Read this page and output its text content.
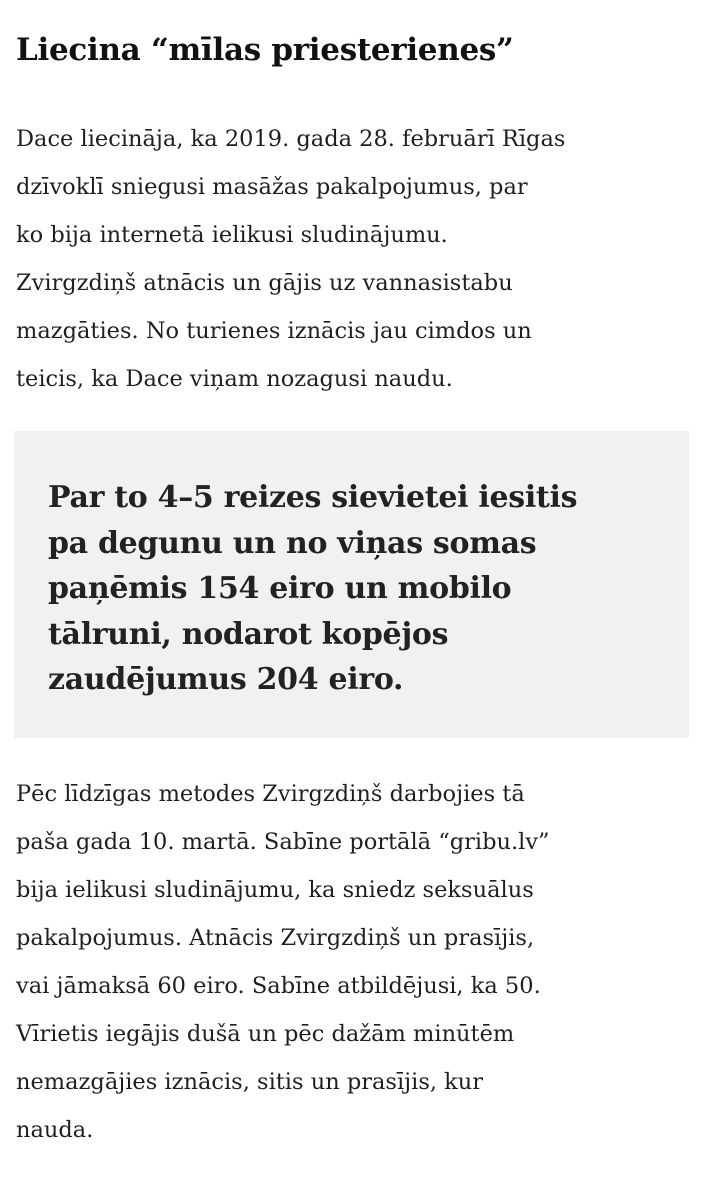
Liecina “mīlas priesterienes”

Dace liecināja, ka 2019. gada 28. februārī Rīgas
dzīvoklī sniegusi masāžas pakalpojumus, par
ko bija internetā ielikusi sludinājumu.
Zvirgzdiņš atnācis un gājis uz vannasistabu
mazgāties. No turienes iznācis jau cimdos un
teicis, ka Dace viņam nozagusi naudu.

Par to 4–5 reizes sievietei iesitis
pa degunu un no viņas somas
paņēmis 154 eiro un mobilo
tālruni, nodarot kopējos
zaudējumus 204 eiro.

Pēc līdzīgas metodes Zvirgzdiņš darbojies tā
paša gada 10. martā. Sabīne portālā “gribu.lv”
bija ielikusi sludinājumu, ka sniedz seksuālus
pakalpojumus. Atnācis Zvirgzdiņš un prasījis,
vai jāmaksā 60 eiro. Sabīne atbildējusi, ka 50.
Vīrietis iegājis dušā un pēc dažām minūtēm
nemazgājies iznācis, sitis un prasījis, kur
nauda.
